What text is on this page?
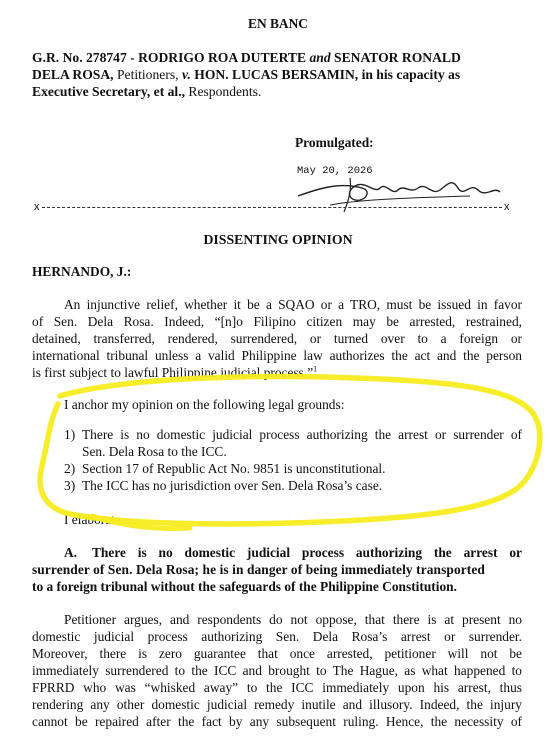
EN BANC
G.R. No. 278747 - RODRIGO ROA DUTERTE and SENATOR RONALD
DELA ROSA, Petitioners, v. HON. LUCAS BERSAMIN, in his capacity as
Executive Secretary, et al., Respondents.
Promulgated:
May 20, 2026
x	x
DISSENTING OPINION
HERNANDO, J.:
An injunctive relief, whether it be a SQAO or a TRO, must be issued in favor
of Sen. Dela Rosa. Indeed, “[n]o Filipino citizen may be arrested, restrained,
detained, transferred, rendered, surrendered, or turned over to a foreign or
international tribunal unless a valid Philippine law authorizes the act and the person
is first subject to lawful Philippine judicial process.”$^1$
I anchor my opinion on the following legal grounds:
1) There is no domestic judicial process authorizing the arrest or surrender of
Sen. Dela Rosa to the ICC.
2) Section 17 of Republic Act No. 9851 is unconstitutional.
3) The ICC has no jurisdiction over Sen. Dela Rosa’s case.
I elaborate.
A. There is no domestic judicial process authorizing the arrest or
surrender of Sen. Dela Rosa; he is in danger of being immediately transported
to a foreign tribunal without the safeguards of the Philippine Constitution.
Petitioner argues, and respondents do not oppose, that there is at present no
domestic judicial process authorizing Sen. Dela Rosa’s arrest or surrender.
Moreover, there is zero guarantee that once arrested, petitioner will not be
immediately surrendered to the ICC and brought to The Hague, as what happened to
FPRRD who was “whisked away” to the ICC immediately upon his arrest, thus
rendering any other domestic judicial remedy inutile and illusory. Indeed, the injury
cannot be repaired after the fact by any subsequent ruling. Hence, the necessity of
